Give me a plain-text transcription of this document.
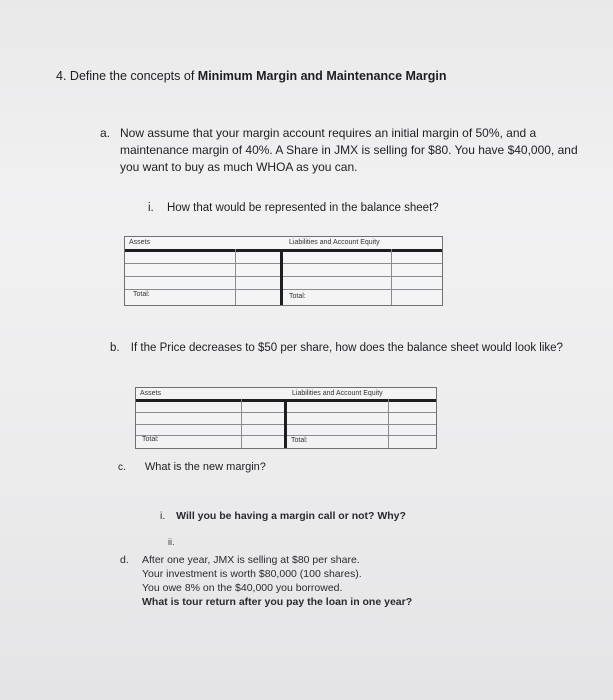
4. Define the concepts of Minimum Margin and Maintenance Margin
a. Now assume that your margin account requires an initial margin of 50%, and a maintenance margin of 40%. A Share in JMX is selling for $80. You have $40,000, and you want to buy as much WHOA as you can.
i. How that would be represented in the balance sheet?
Assets	Liabilities and Account Equity
Total:	Total:
b. If the Price decreases to $50 per share, how does the balance sheet would look like?
Assets	Liabilities and Account Equity
Total:	Total:
c. What is the new margin?
i. Will you be having a margin call or not? Why?
ii.
d. After one year, JMX is selling at $80 per share.
Your investment is worth $80,000 (100 shares).
You owe 8% on the $40,000 you borrowed.
What is tour return after you pay the loan in one year?
